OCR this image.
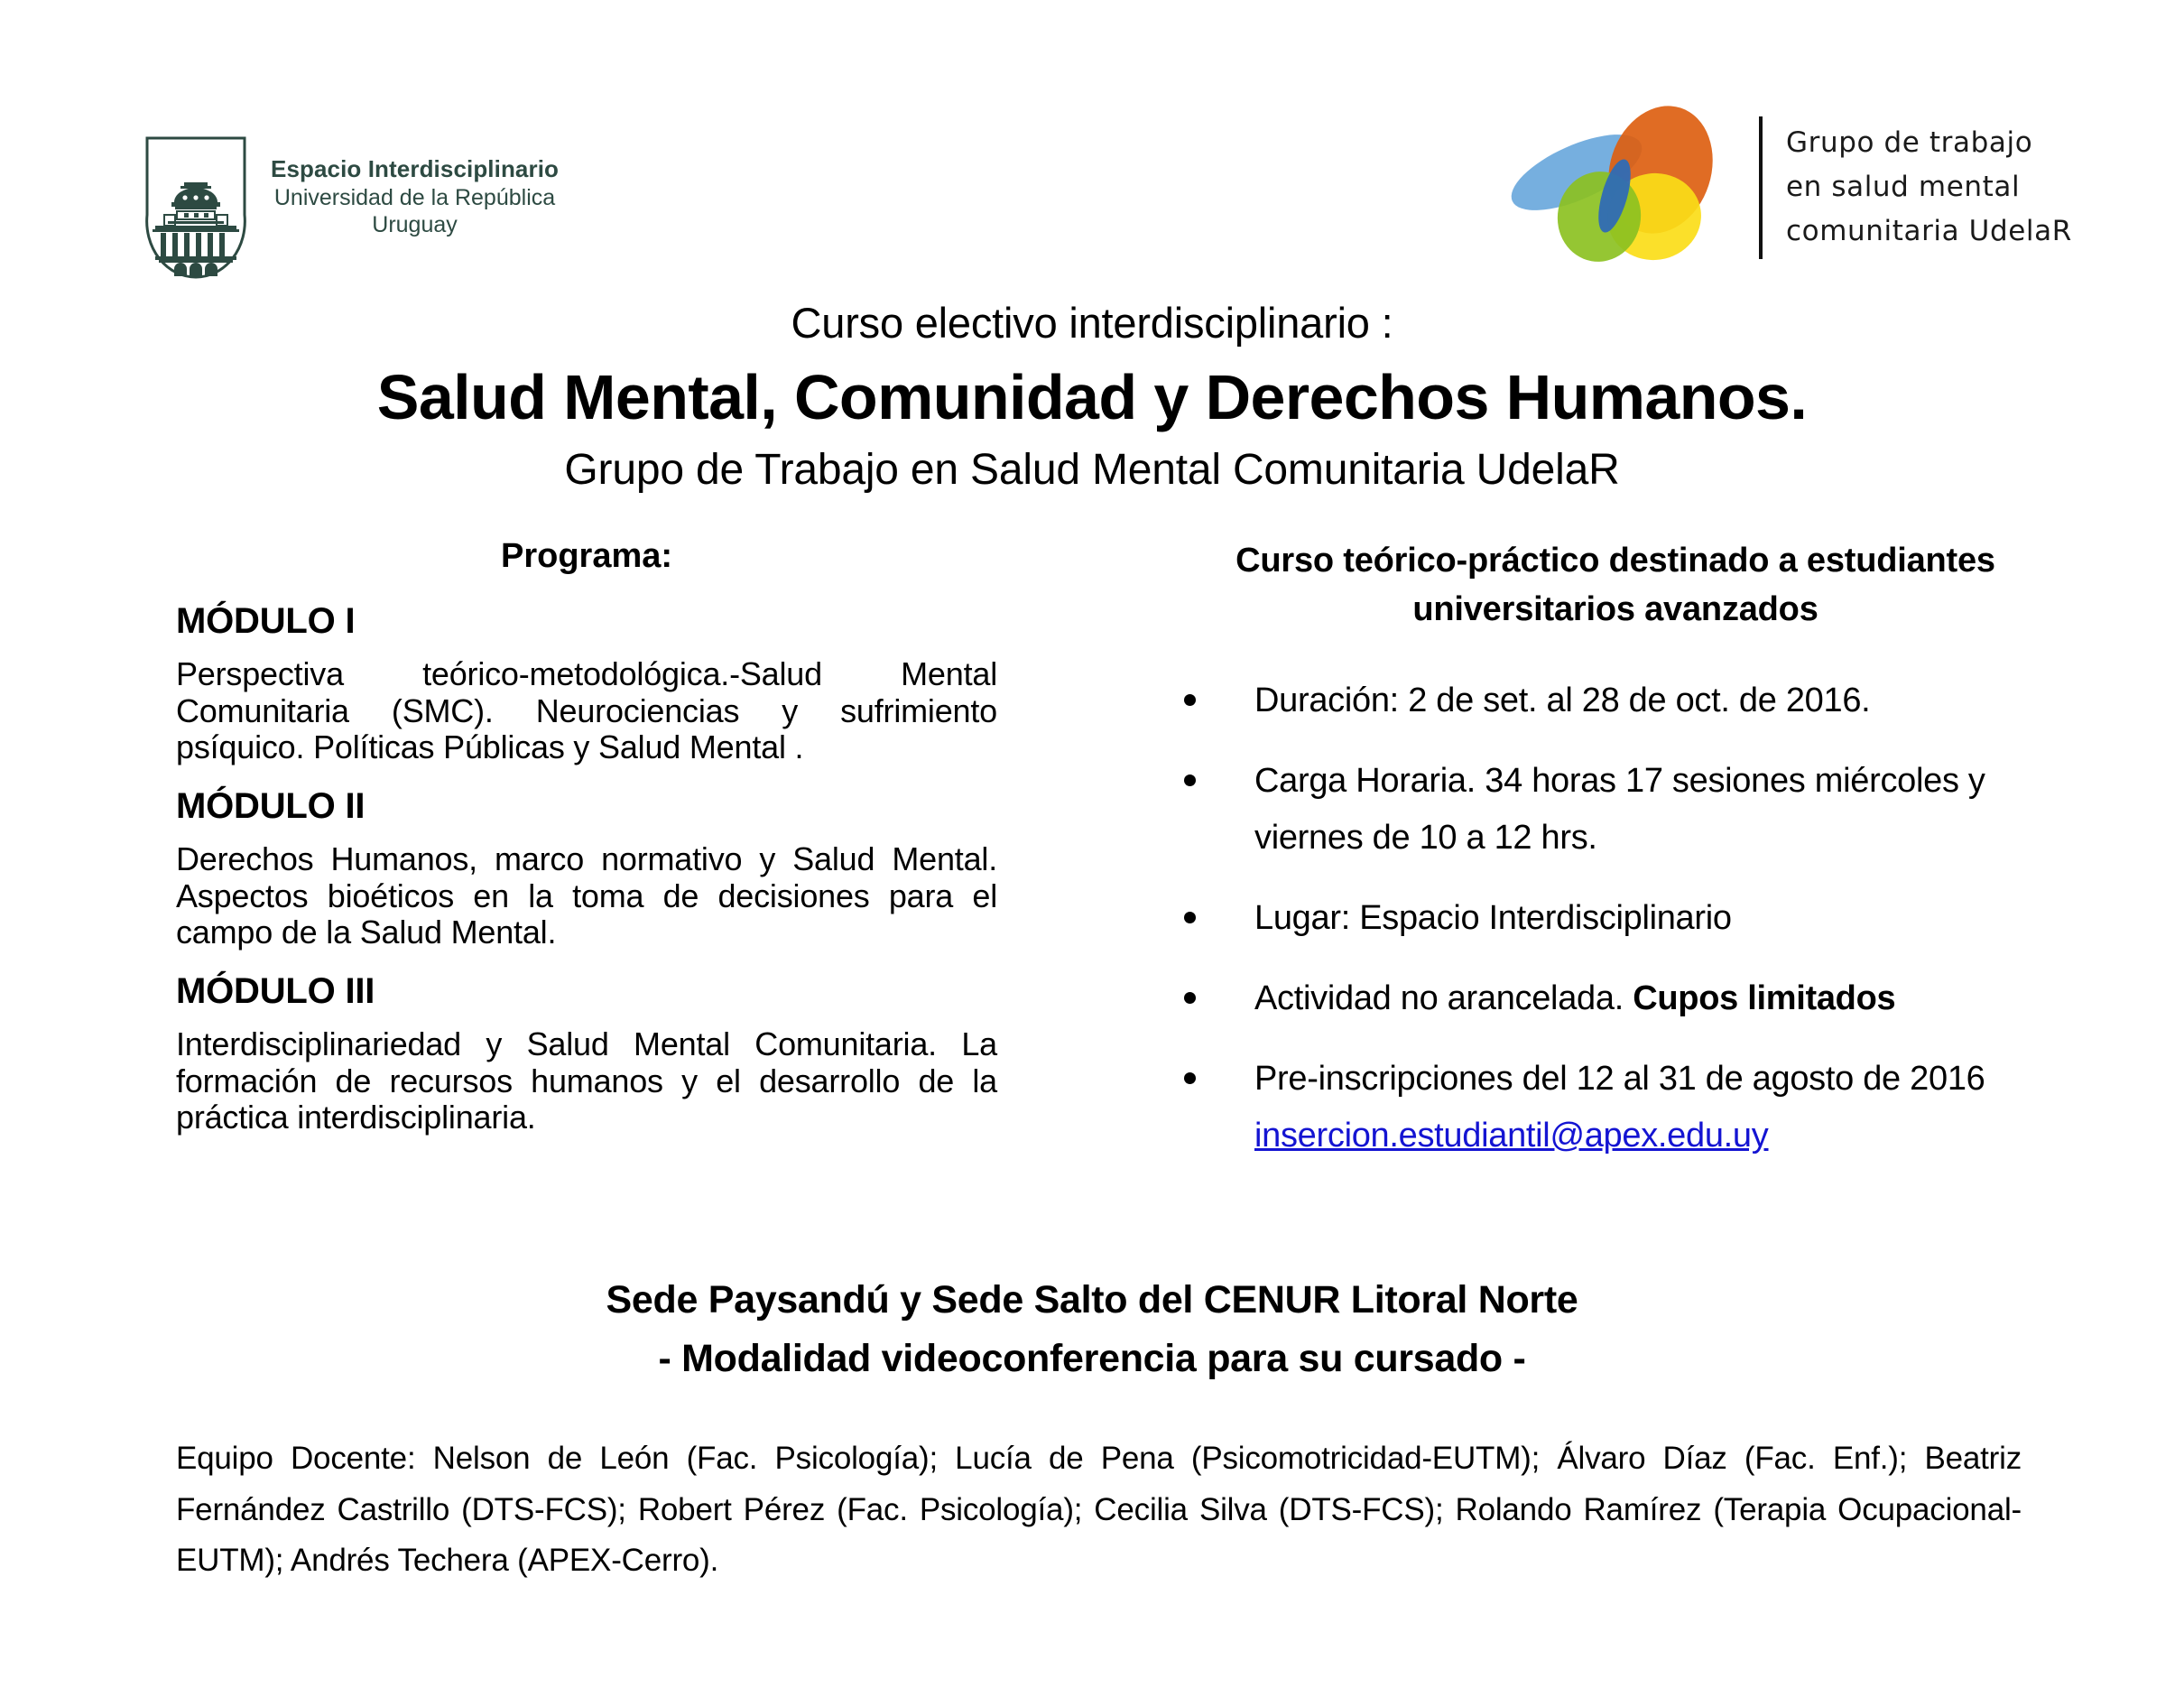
Espacio Interdisciplinario
Universidad de la República
Uruguay
Grupo de trabajo
en salud mental
comunitaria UdelaR
Curso electivo interdisciplinario :
Salud Mental, Comunidad y Derechos Humanos.
Grupo de Trabajo en Salud Mental Comunitaria UdelaR
Programa:
MÓDULO I
Perspectiva teórico-metodológica.-Salud Mental Comunitaria (SMC). Neurociencias y sufrimiento psíquico. Políticas Públicas y Salud Mental .
MÓDULO II
Derechos Humanos, marco normativo y Salud Mental. Aspectos bioéticos en la toma de decisiones para el campo de la Salud Mental.
MÓDULO III
Interdisciplinariedad y Salud Mental Comunitaria. La formación de recursos humanos y el desarrollo de la práctica interdisciplinaria.
Curso teórico-práctico destinado a estudiantes universitarios avanzados
Duración: 2 de set. al 28 de oct. de 2016.
Carga Horaria. 34 horas 17 sesiones miércoles y viernes de 10 a 12 hrs.
Lugar: Espacio Interdisciplinario
Actividad no arancelada. Cupos limitados
Pre-inscripciones del 12 al 31 de agosto de 2016 insercion.estudiantil@apex.edu.uy
Sede Paysandú y Sede Salto del CENUR Litoral Norte
- Modalidad videoconferencia para su cursado -
Equipo Docente: Nelson de León (Fac. Psicología); Lucía de Pena (Psicomotricidad-EUTM); Álvaro Díaz (Fac. Enf.); Beatriz Fernández Castrillo (DTS-FCS); Robert Pérez (Fac. Psicología); Cecilia Silva (DTS-FCS); Rolando Ramírez (Terapia Ocupacional-EUTM); Andrés Techera (APEX-Cerro).
